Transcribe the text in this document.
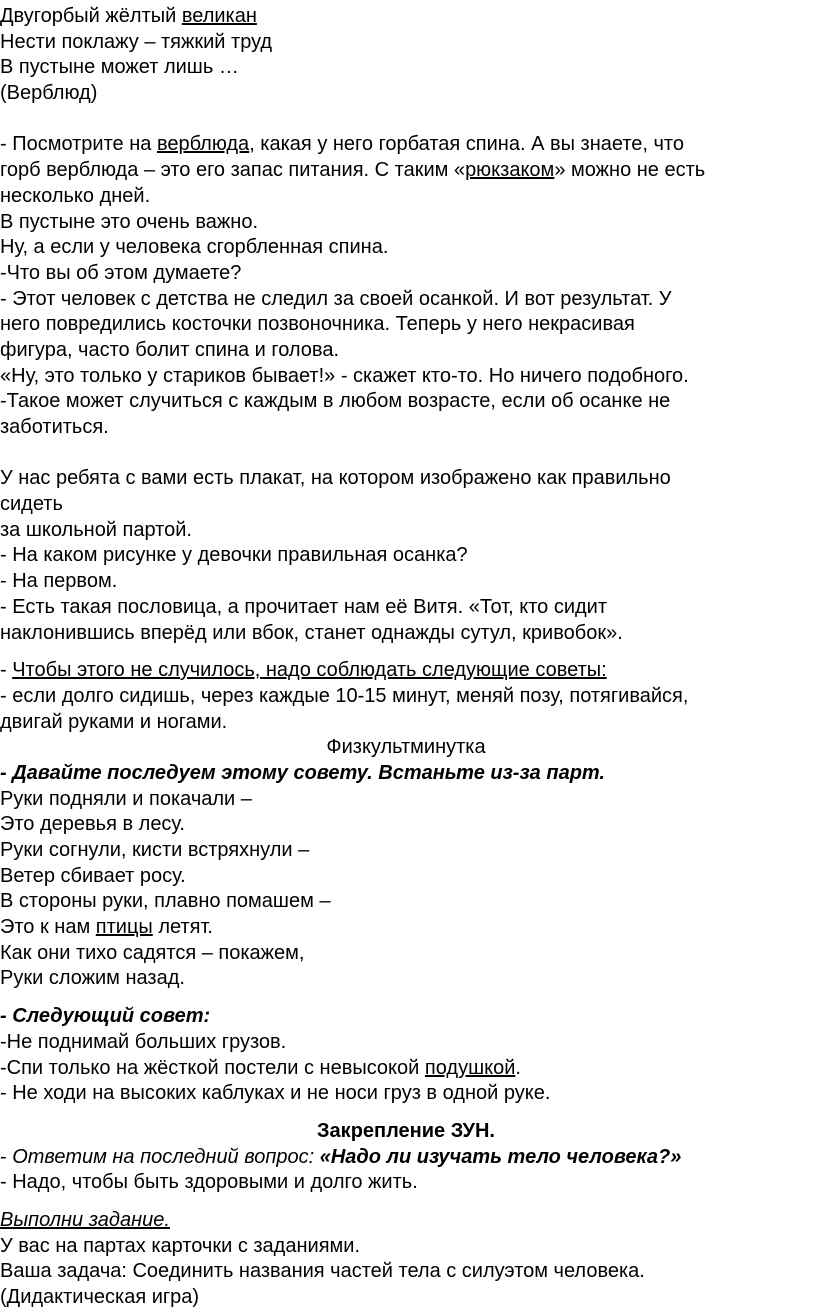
Двугорбый жёлтый великан
Нести поклажу – тяжкий труд
В пустыне может лишь …
(Верблюд)
- Посмотрите на верблюда, какая у него горбатая спина. А вы знаете, что
горб верблюда – это его запас питания. С таким «рюкзаком» можно не есть
несколько дней.
В пустыне это очень важно.
Ну, а если у человека сгорбленная спина.
-Что вы об этом думаете?
- Этот человек с детства не следил за своей осанкой. И вот результат. У
него повредились косточки позвоночника. Теперь у него некрасивая
фигура, часто болит спина и голова.
«Ну, это только у стариков бывает!» - скажет кто-то. Но ничего подобного.
-Такое может случиться с каждым в любом возрасте, если об осанке не
заботиться.
У нас ребята с вами есть плакат, на котором изображено как правильно
сидеть
за школьной партой.
- На каком рисунке у девочки правильная осанка?
- На первом.
- Есть такая пословица, а прочитает нам её Витя. «Тот, кто сидит
наклонившись вперёд или вбок, станет однажды сутул, кривобок».
- Чтобы этого не случилось, надо соблюдать следующие советы:
- если долго сидишь, через каждые 10-15 минут, меняй позу, потягивайся,
двигай руками и ногами.
Физкультминутка
- Давайте последуем этому совету. Встаньте из-за парт.
Руки подняли и покачали –
Это деревья в лесу.
Руки согнули, кисти встряхнули –
Ветер сбивает росу.
В стороны руки, плавно помашем –
Это к нам птицы летят.
Как они тихо садятся – покажем,
Руки сложим назад.
- Следующий совет:
-Не поднимай больших грузов.
-Спи только на жёсткой постели с невысокой подушкой.
- Не ходи на высоких каблуках и не носи груз в одной руке.
Закрепление ЗУН.
- Ответим на последний вопрос: «Надо ли изучать тело человека?»
- Надо, чтобы быть здоровыми и долго жить.
Выполни задание.
У вас на партах карточки с заданиями.
Ваша задача: Соединить названия частей тела с силуэтом человека.
(Дидактическая игра)
